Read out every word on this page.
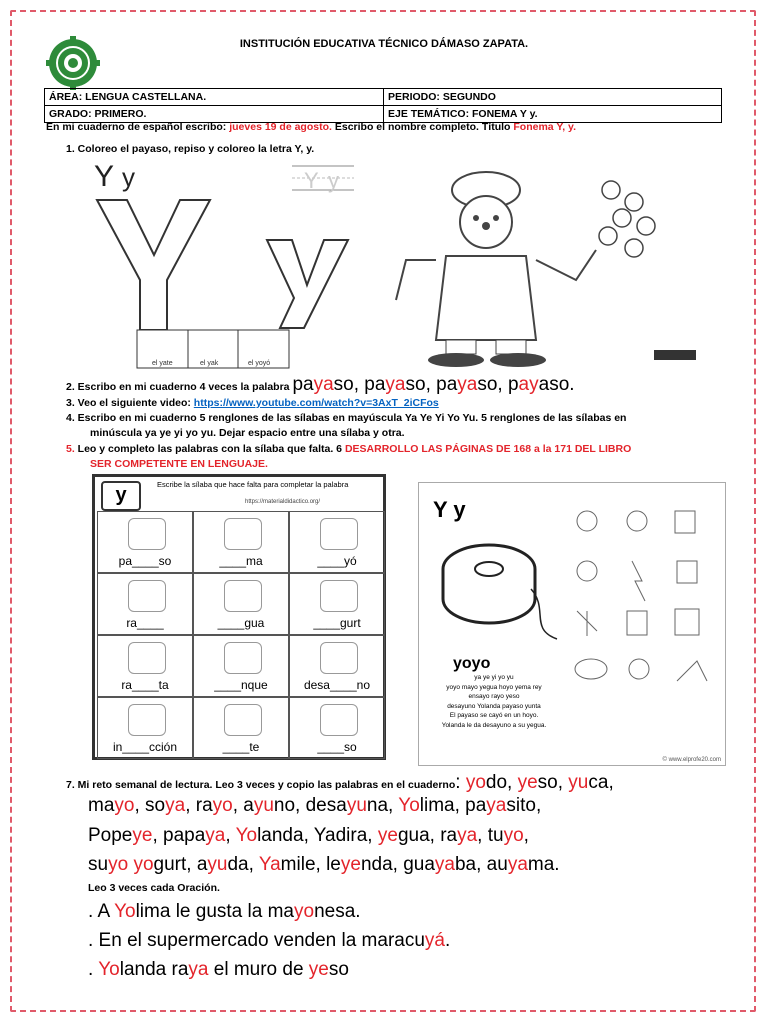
INSTITUCIÓN EDUCATIVA TÉCNICO DÁMASO ZAPATA.
ÁREA: LENGUA CASTELLANA.	PERIODO: SEGUNDO
GRADO: PRIMERO.	EJE TEMÁTICO: FONEMA Y y.
En mi cuaderno de español escribo: jueves 19 de agosto. Escribo el nombre completo. Título Fonema Y, y.
1. Coloreo el payaso, repiso y coloreo la letra Y, y.
Y y	Y y
el yate	el yak	el yoyó
2. Escribo en mi cuaderno 4 veces la palabra payaso, payaso, payaso, payaso.
3. Veo el siguiente video: https://www.youtube.com/watch?v=3AxT_2iCFos
4. Escribo en mi cuaderno 5 renglones de las sílabas en mayúscula Ya Ye Yi Yo Yu. 5 renglones de las sílabas en
minúscula ya ye yi yo yu. Dejar espacio entre una sílaba y otra.
5. Leo y completo las palabras con la sílaba que falta. 6 DESARROLLO LAS PÁGINAS DE 168 a la 171 DEL LIBRO
SER COMPETENTE EN LENGUAJE.
y	Escribe la sílaba que hace falta para completar la palabra
https://materialdidactico.org/
pa____so	____ma	____yó
ra____	____gua	____gurt
ra____ta	____nque	desa____no
in____cción	____te	____so
Y y
yoyo
ya ye yi yo yu
yoyo mayo yegua hoyo yema rey
ensayo rayo yeso
desayuno Yolanda payaso yunta
El payaso se cayó en un hoyo.
Yolanda le da desayuno a su yegua.
© www.elprofe20.com
7. Mi reto semanal de lectura. Leo 3 veces y copio las palabras en el cuaderno: yodo, yeso, yuca,
mayo, soya, rayo, ayuno, desayuna, Yolima, payasito,
Popeye, papaya, Yolanda, Yadira, yegua, raya, tuyo,
suyo yogurt, ayuda, Yamile, leyenda, guayaba, auyama.
Leo 3 veces cada Oración.
. A Yolima le gusta la mayonesa.
. En el supermercado venden la maracuyá.
. Yolanda raya el muro de yeso
